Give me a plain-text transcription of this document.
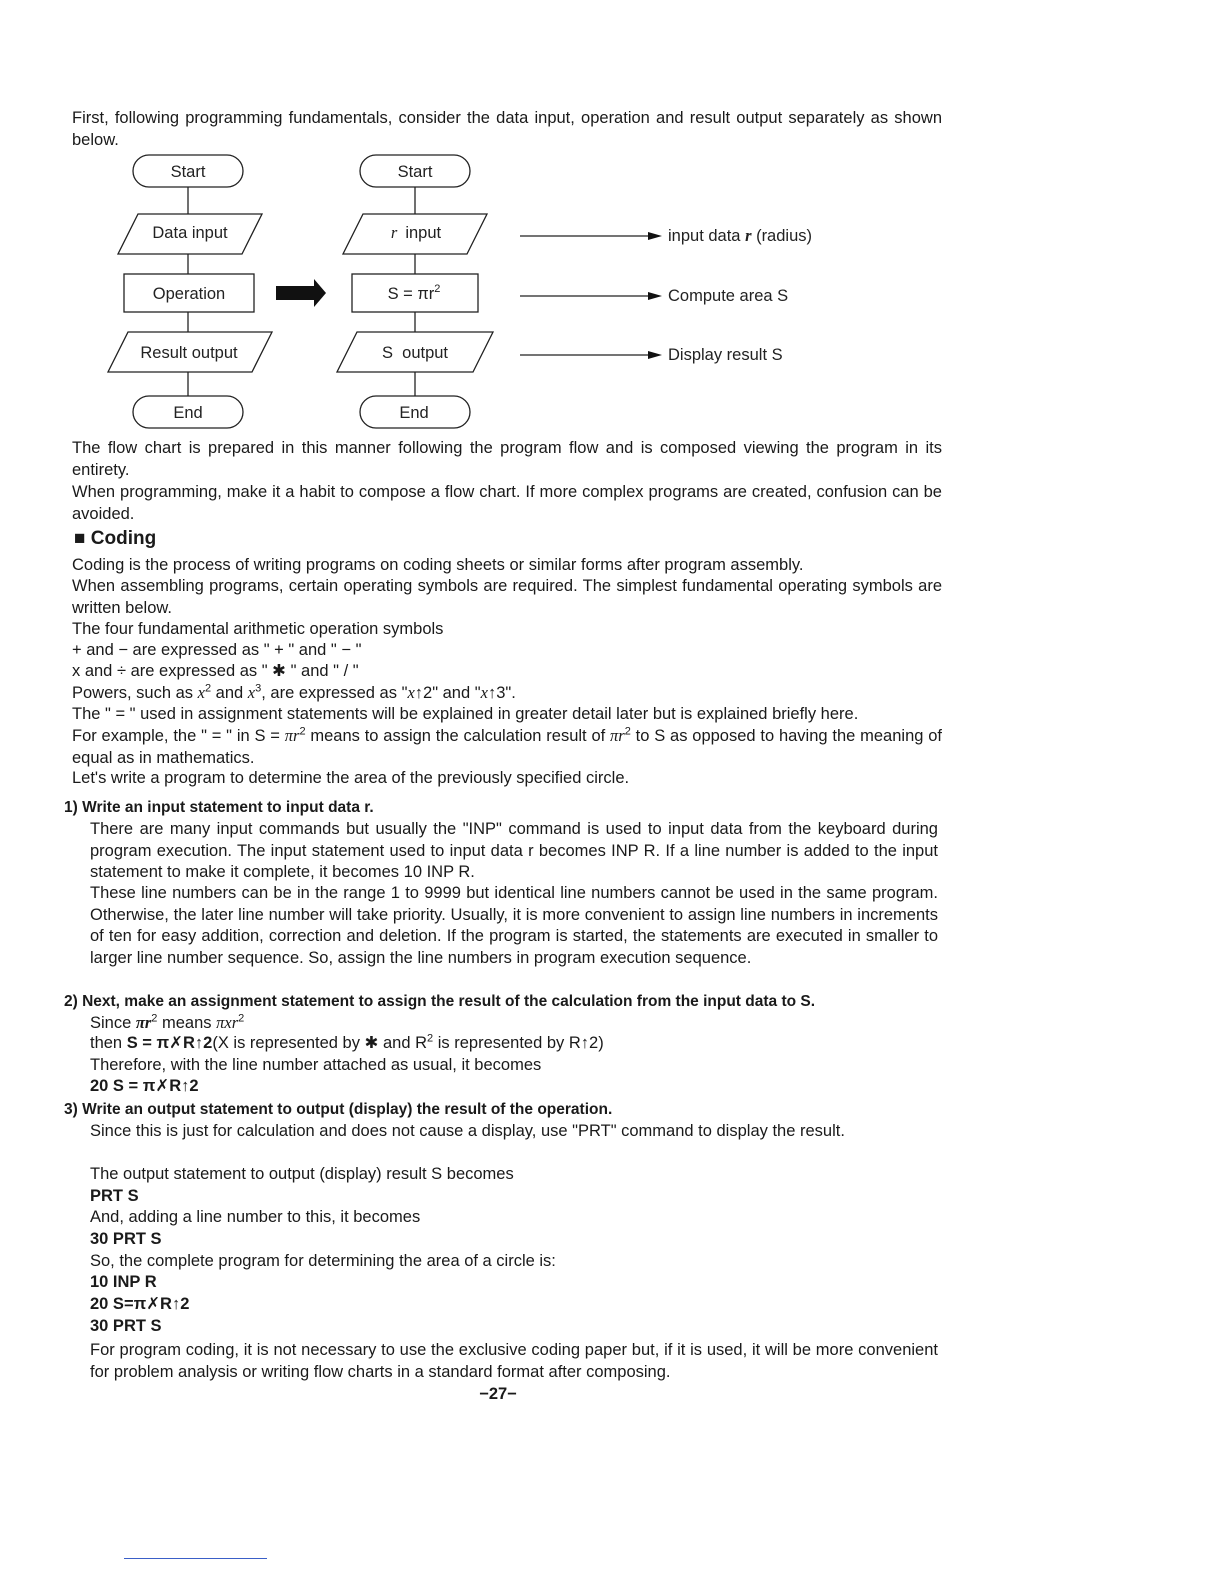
First, following programming fundamentals, consider the data input, operation and result output separately as shown below.

Start
Data input
Operation
Result output
End
Start
r input
$S = \pi r^2$
S  output
End
input data r (radius)
Compute area S
Display result S

The flow chart is prepared in this manner following the program flow and is composed viewing the program in its entirety.

When programming, make it a habit to compose a flow chart. If more complex programs are created, confusion can be avoided.

■ Coding

Coding is the process of writing programs on coding sheets or similar forms after program assembly.

When assembling programs, certain operating symbols are required. The simplest fundamental operating symbols are written below.

The four fundamental arithmetic operation symbols
+ and − are expressed as " + " and " − "
x and ÷ are expressed as " ✱ " and " / "
Powers, such as $x^2$ and $x^3$, are expressed as "x↑2" and "x↑3".
The " = " used in assignment statements will be explained in greater detail later but is explained briefly here.

For example, the " = " in $S = \pi r^2$ means to assign the calculation result of $\pi r^2$ to S as opposed to having the meaning of equal as in mathematics.

Let's write a program to determine the area of the previously specified circle.
1) Write an input statement to input data r.

There are many input commands but usually the "INP" command is used to input data from the keyboard during program execution. The input statement used to input data r becomes INP R. If a line number is added to the input statement to make it complete, it becomes 10 INP R.

These line numbers can be in the range 1 to 9999 but identical line numbers cannot be used in the same program. Otherwise, the later line number will take priority. Usually, it is more convenient to assign line numbers in increments of ten for easy addition, correction and deletion. If the program is started, the statements are executed in smaller to larger line number sequence. So, assign the line numbers in program execution sequence.

2) Next, make an assignment statement to assign the result of the calculation from the input data to S.
Since $\pi r^2$ means πxr$^2$
then S = π✗R↑2(X is represented by ✱ and $R^2$ is represented by R↑2)
Therefore, with the line number attached as usual, it becomes
20 S = π✗R↑2
3) Write an output statement to output (display) the result of the operation.

Since this is just for calculation and does not cause a display, use "PRT" command to display the result.

The output statement to output (display) result S becomes
PRT S
And, adding a line number to this, it becomes
30 PRT S
So, the complete program for determining the area of a circle is:
10 INP R
20 S=π✗R↑2
30 PRT S

For program coding, it is not necessary to use the exclusive coding paper but, if it is used, it will be more convenient for problem analysis or writing flow charts in a standard format after composing.

−27−
